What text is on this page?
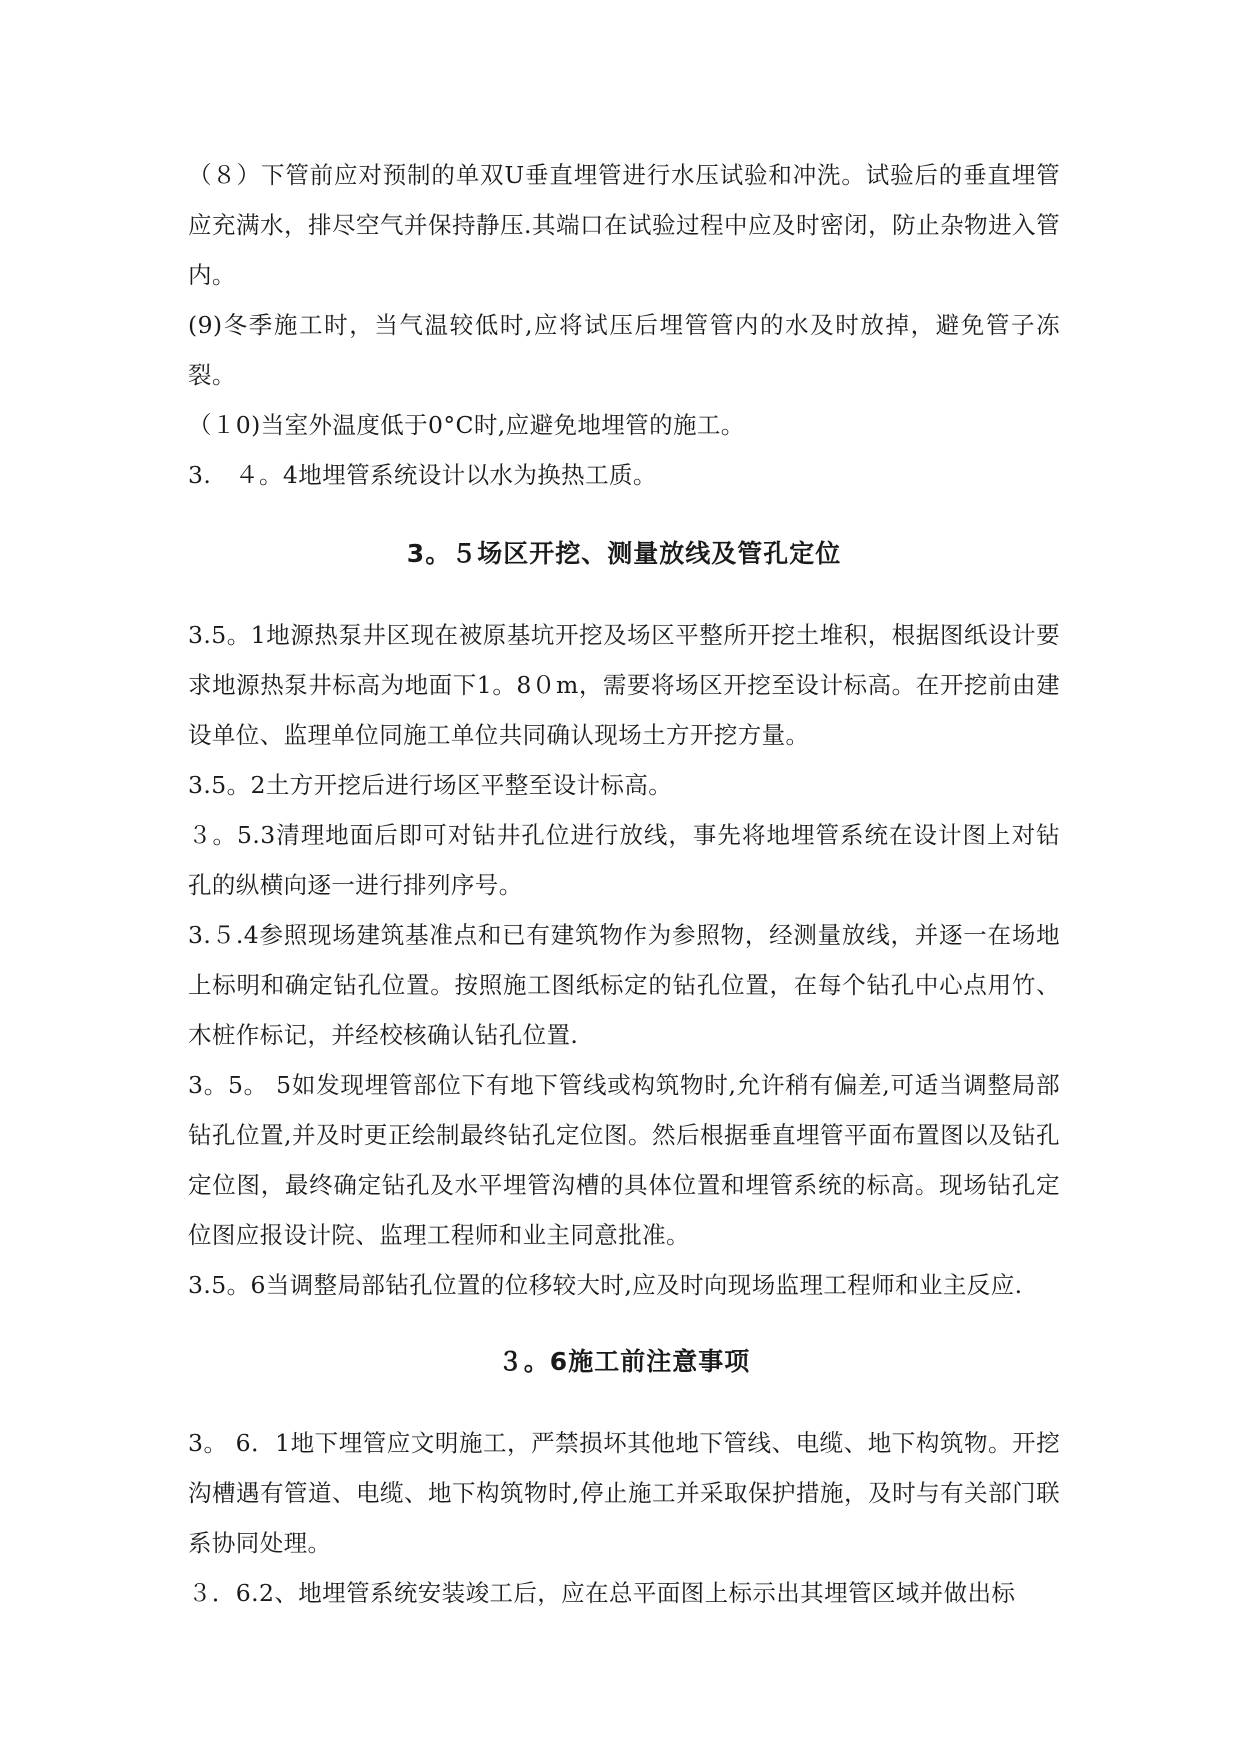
（８）下管前应对预制的单双U垂直埋管进行水压试验和冲洗。试验后的垂直埋管应充满水，排尽空气并保持静压.其端口在试验过程中应及时密闭，防止杂物进入管内。

(9)冬季施工时，当气温较低时,应将试压后埋管管内的水及时放掉，避免管子冻裂。

（１0)当室外温度低于0°C时,应避免地埋管的施工。

3.　４。4地埋管系统设计以水为换热工质。

3。５场区开挖、测量放线及管孔定位

3.5。1地源热泵井区现在被原基坑开挖及场区平整所开挖土堆积，根据图纸设计要求地源热泵井标高为地面下1。8０m，需要将场区开挖至设计标高。在开挖前由建设单位、监理单位同施工单位共同确认现场土方开挖方量。

3.5。2土方开挖后进行场区平整至设计标高。

３。5.3清理地面后即可对钻井孔位进行放线，事先将地埋管系统在设计图上对钻孔的纵横向逐一进行排列序号。

3.５.4参照现场建筑基准点和已有建筑物作为参照物，经测量放线，并逐一在场地上标明和确定钻孔位置。按照施工图纸标定的钻孔位置，在每个钻孔中心点用竹、木桩作标记，并经校核确认钻孔位置.

3。5。 5如发现埋管部位下有地下管线或构筑物时,允许稍有偏差,可适当调整局部钻孔位置,并及时更正绘制最终钻孔定位图。然后根据垂直埋管平面布置图以及钻孔定位图，最终确定钻孔及水平埋管沟槽的具体位置和埋管系统的标高。现场钻孔定位图应报设计院、监理工程师和业主同意批准。

3.5。6当调整局部钻孔位置的位移较大时,应及时向现场监理工程师和业主反应.

３。6施工前注意事项

3。 6．1地下埋管应文明施工，严禁损坏其他地下管线、电缆、地下构筑物。开挖沟槽遇有管道、电缆、地下构筑物时,停止施工并采取保护措施，及时与有关部门联系协同处理。

３．6.2、地埋管系统安装竣工后，应在总平面图上标示出其埋管区域并做出标
